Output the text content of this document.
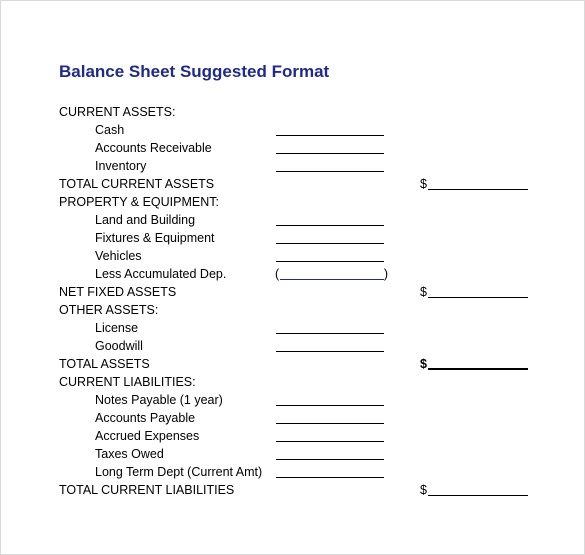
Balance Sheet Suggested Format
CURRENT ASSETS:
Cash
Accounts Receivable
Inventory
TOTAL CURRENT ASSETS	$
PROPERTY & EQUIPMENT:
Land and Building
Fixtures & Equipment
Vehicles
Less Accumulated Dep.	(	)
NET FIXED ASSETS	$
OTHER ASSETS:
License
Goodwill
TOTAL ASSETS	$
CURRENT LIABILITIES:
Notes Payable (1 year)
Accounts Payable
Accrued Expenses
Taxes Owed
Long Term Dept (Current Amt)
TOTAL CURRENT LIABILITIES	$
